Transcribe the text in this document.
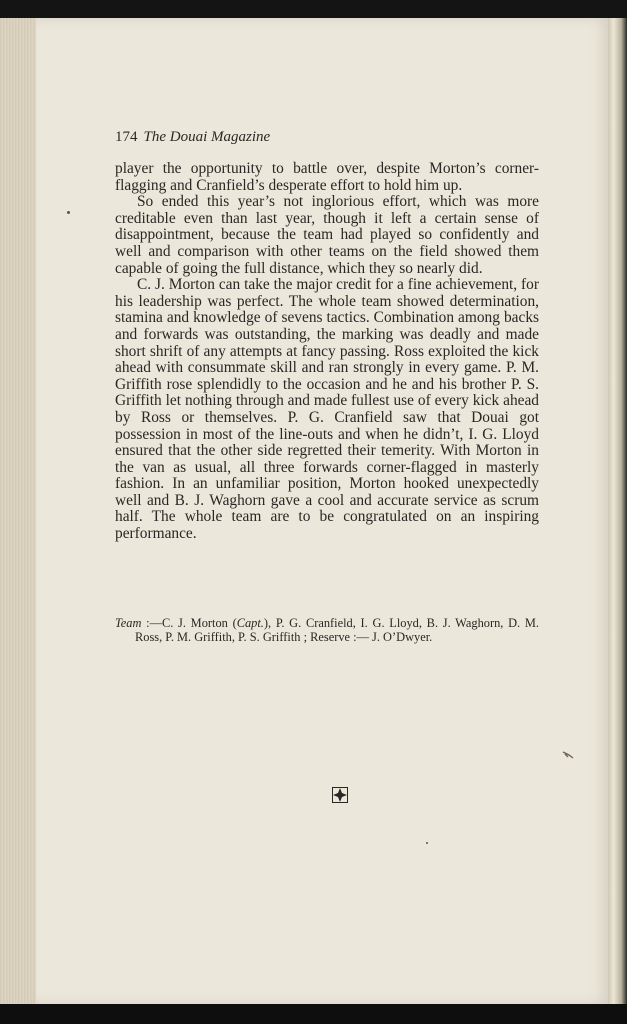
174 The Douai Magazine

player the opportunity to battle over, despite Morton’s corner-flagging and Cranfield’s desperate effort to hold him up.

So ended this year’s not inglorious effort, which was more creditable even than last year, though it left a certain sense of disappointment, because the team had played so confidently and well and comparison with other teams on the field showed them capable of going the full distance, which they so nearly did.

C. J. Morton can take the major credit for a fine achievement, for his leadership was perfect. The whole team showed determination, stamina and knowledge of sevens tactics. Combination among backs and forwards was outstanding, the marking was deadly and made short shrift of any attempts at fancy passing. Ross exploited the kick ahead with consummate skill and ran strongly in every game. P. M. Griffith rose splendidly to the occasion and he and his brother P. S. Griffith let nothing through and made fullest use of every kick ahead by Ross or themselves. P. G. Cranfield saw that Douai got possession in most of the line-outs and when he didn’t, I. G. Lloyd ensured that the other side regretted their temerity. With Morton in the van as usual, all three forwards corner-flagged in masterly fashion. In an unfamiliar position, Morton hooked unexpectedly well and B. J. Waghorn gave a cool and accurate service as scrum half. The whole team are to be congratulated on an inspiring performance.

Team :—C. J. Morton (Capt.), P. G. Cranfield, I. G. Lloyd, B. J. Waghorn, D. M. Ross, P. M. Griffith, P. S. Griffith ; Reserve :— J. O’Dwyer.
